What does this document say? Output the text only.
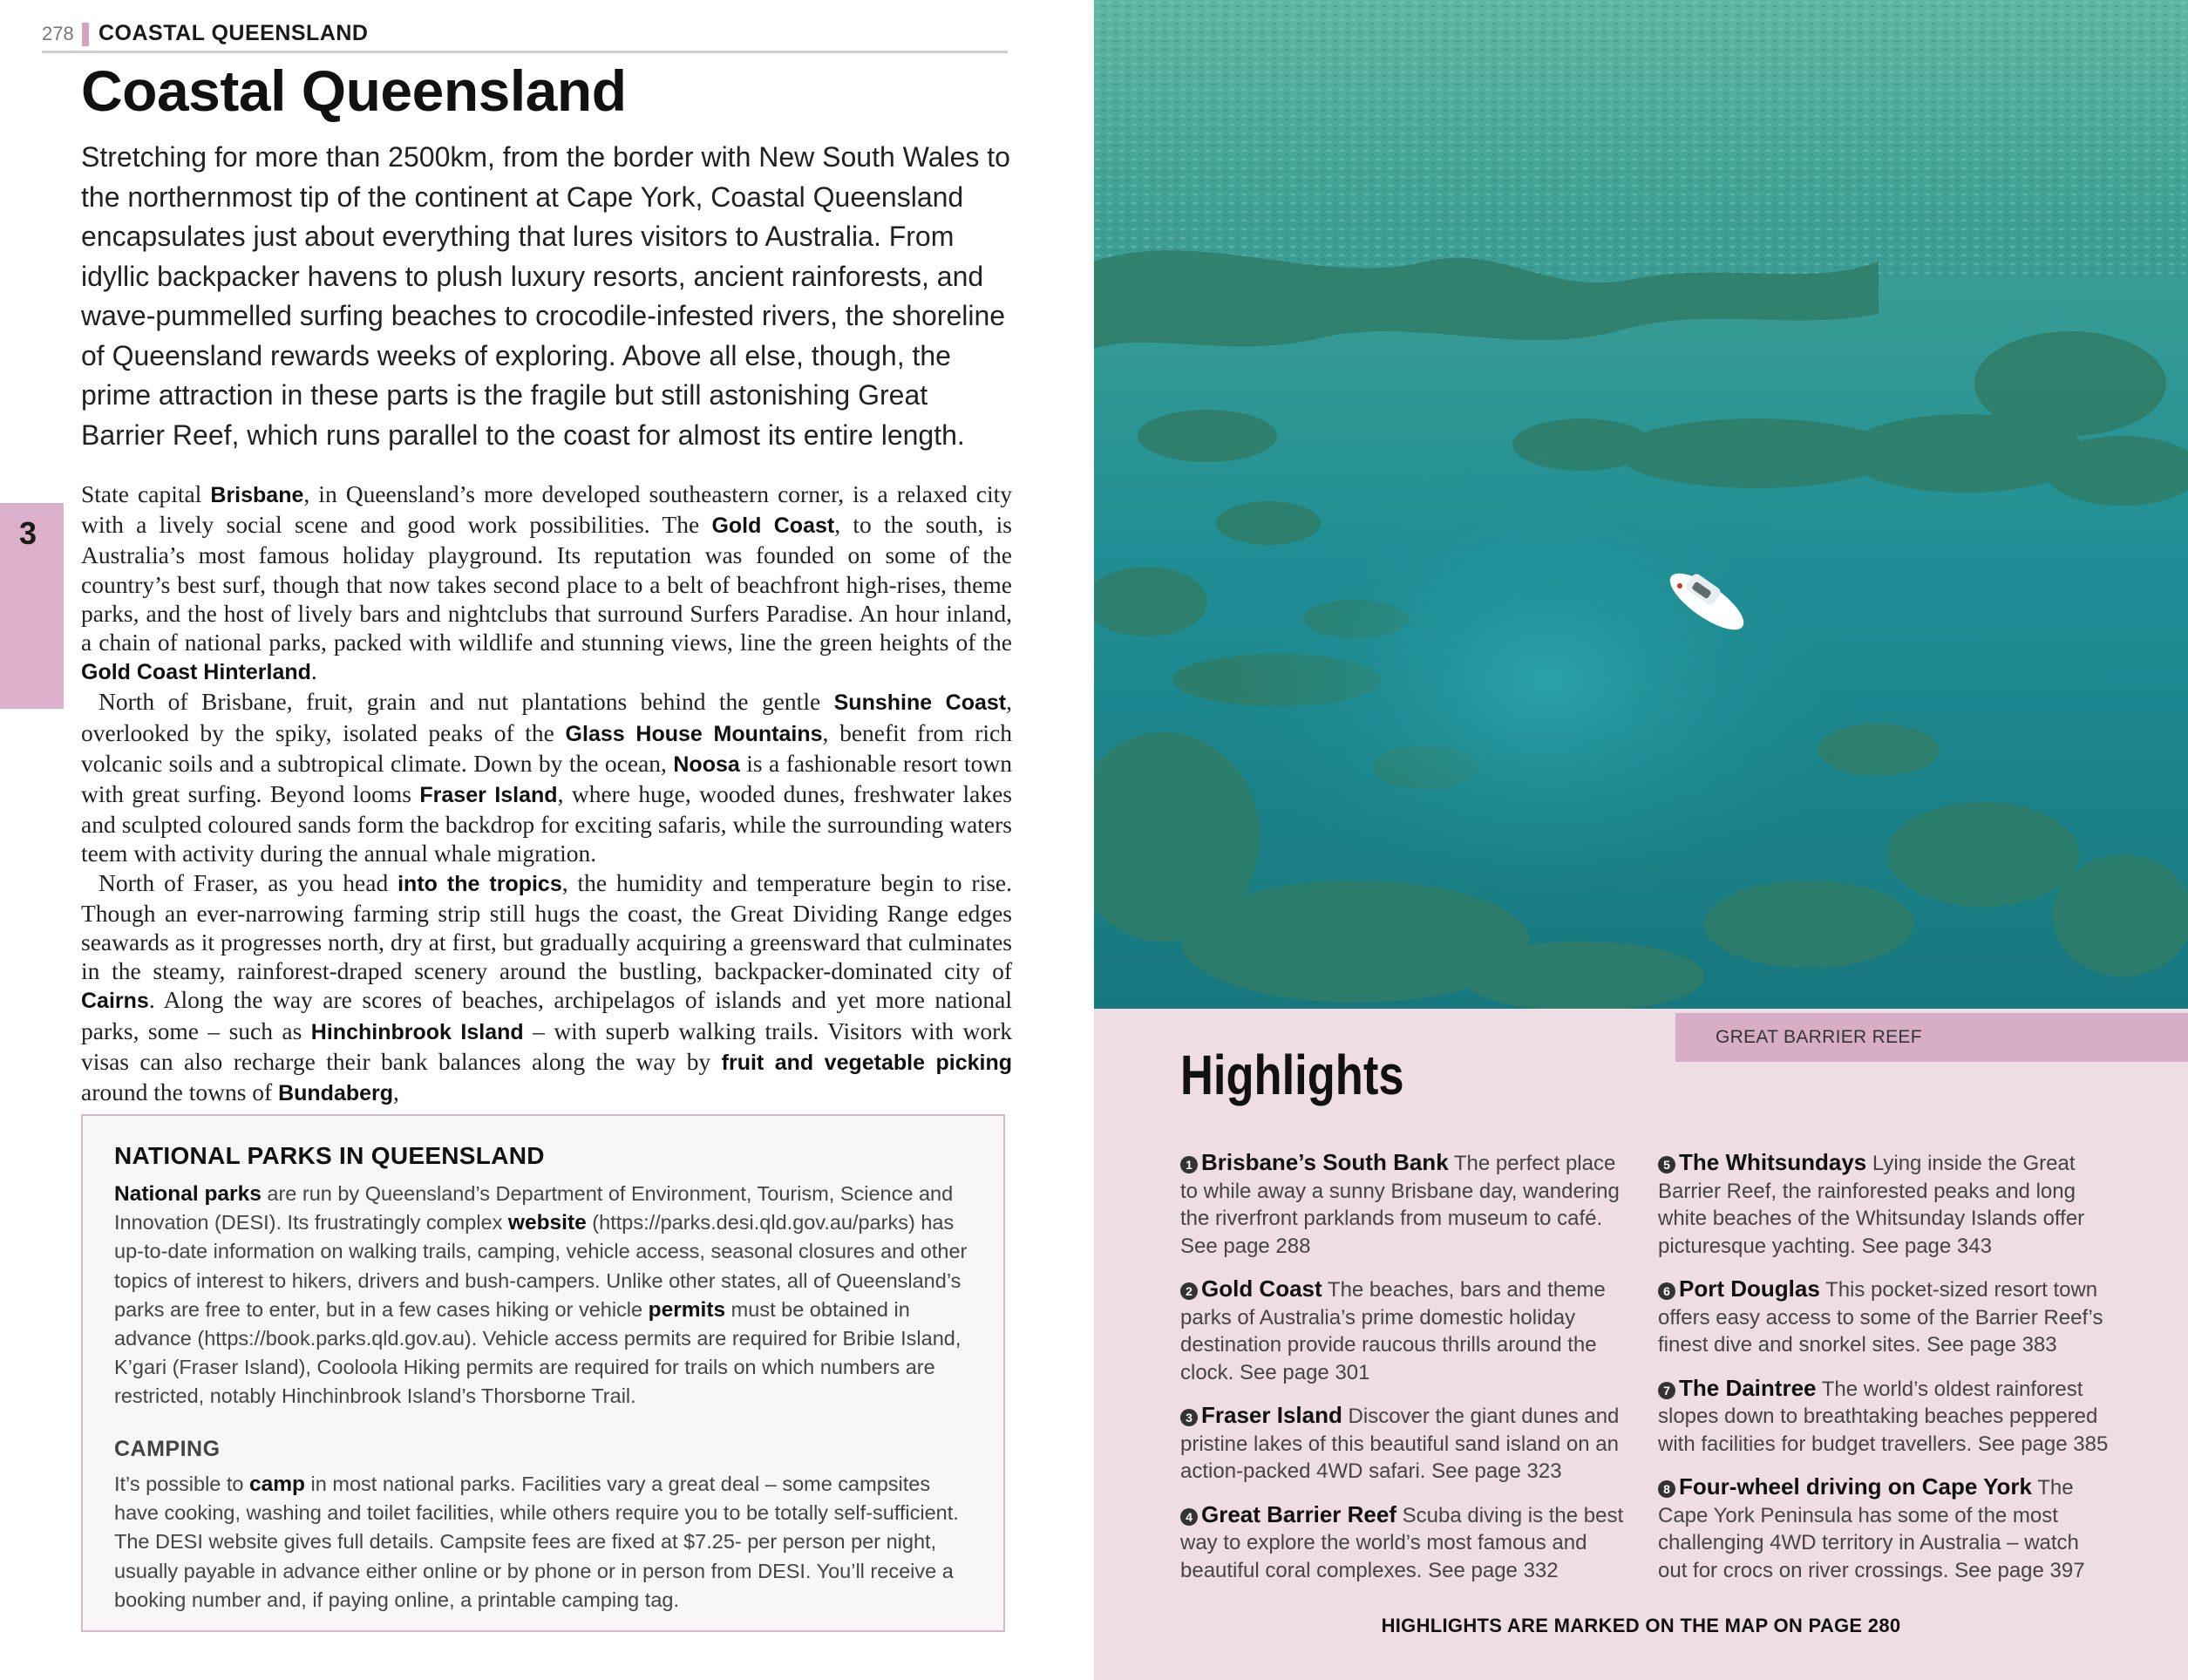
278 COASTAL QUEENSLAND
3
Coastal Queensland

Stretching for more than 2500km, from the border with New South Wales to the northernmost tip of the continent at Cape York, Coastal Queensland encapsulates just about everything that lures visitors to Australia. From idyllic backpacker havens to plush luxury resorts, ancient rainforests, and wave-pummelled surfing beaches to crocodile-infested rivers, the shoreline of Queensland rewards weeks of exploring. Above all else, though, the prime attraction in these parts is the fragile but still astonishing Great Barrier Reef, which runs parallel to the coast for almost its entire length.

State capital Brisbane, in Queensland’s more developed southeastern corner, is a relaxed city with a lively social scene and good work possibilities. The Gold Coast, to the south, is Australia’s most famous holiday playground. Its reputation was founded on some of the country’s best surf, though that now takes second place to a belt of beachfront high-rises, theme parks, and the host of lively bars and nightclubs that surround Surfers Paradise. An hour inland, a chain of national parks, packed with wildlife and stunning views, line the green heights of the Gold Coast Hinterland.

North of Brisbane, fruit, grain and nut plantations behind the gentle Sunshine Coast, overlooked by the spiky, isolated peaks of the Glass House Mountains, benefit from rich volcanic soils and a subtropical climate. Down by the ocean, Noosa is a fashionable resort town with great surfing. Beyond looms Fraser Island, where huge, wooded dunes, freshwater lakes and sculpted coloured sands form the backdrop for exciting safaris, while the surrounding waters teem with activity during the annual whale migration.

North of Fraser, as you head into the tropics, the humidity and temperature begin to rise. Though an ever-narrowing farming strip still hugs the coast, the Great Dividing Range edges seawards as it progresses north, dry at first, but gradually acquiring a greensward that culminates in the steamy, rainforest-draped scenery around the bustling, backpacker-dominated city of Cairns. Along the way are scores of beaches, archipelagos of islands and yet more national parks, some – such as Hinchinbrook Island – with superb walking trails. Visitors with work visas can also recharge their bank balances along the way by fruit and vegetable picking around the towns of Bundaberg,

NATIONAL PARKS IN QUEENSLAND

National parks are run by Queensland’s Department of Environment, Tourism, Science and Innovation (DESI). Its frustratingly complex website (https://parks.desi.qld.gov.au/parks) has up-to-date information on walking trails, camping, vehicle access, seasonal closures and other topics of interest to hikers, drivers and bush-campers. Unlike other states, all of Queensland’s parks are free to enter, but in a few cases hiking or vehicle permits must be obtained in advance (https://book.parks.qld.gov.au). Vehicle access permits are required for Bribie Island, K’gari (Fraser Island), Cooloola Hiking permits are required for trails on which numbers are restricted, notably Hinchinbrook Island’s Thorsborne Trail.

CAMPING

It’s possible to camp in most national parks. Facilities vary a great deal – some campsites have cooking, washing and toilet facilities, while others require you to be totally self-sufficient. The DESI website gives full details. Campsite fees are fixed at $7.25- per person per night, usually payable in advance either online or by phone or in person from DESI. You’ll receive a booking number and, if paying online, a printable camping tag.

GREAT BARRIER REEF
Highlights

1 Brisbane’s South Bank The perfect place to while away a sunny Brisbane day, wandering the riverfront parklands from museum to café. See page 288

2 Gold Coast The beaches, bars and theme parks of Australia’s prime domestic holiday destination provide raucous thrills around the clock. See page 301

3 Fraser Island Discover the giant dunes and pristine lakes of this beautiful sand island on an action-packed 4WD safari. See page 323

4 Great Barrier Reef Scuba diving is the best way to explore the world’s most famous and beautiful coral complexes. See page 332

5 The Whitsundays Lying inside the Great Barrier Reef, the rainforested peaks and long white beaches of the Whitsunday Islands offer picturesque yachting. See page 343

6 Port Douglas This pocket-sized resort town offers easy access to some of the Barrier Reef’s finest dive and snorkel sites. See page 383

7 The Daintree The world’s oldest rainforest slopes down to breathtaking beaches peppered with facilities for budget travellers. See page 385

8 Four-wheel driving on Cape York The Cape York Peninsula has some of the most challenging 4WD territory in Australia – watch out for crocs on river crossings. See page 397

HIGHLIGHTS ARE MARKED ON THE MAP ON PAGE 280
